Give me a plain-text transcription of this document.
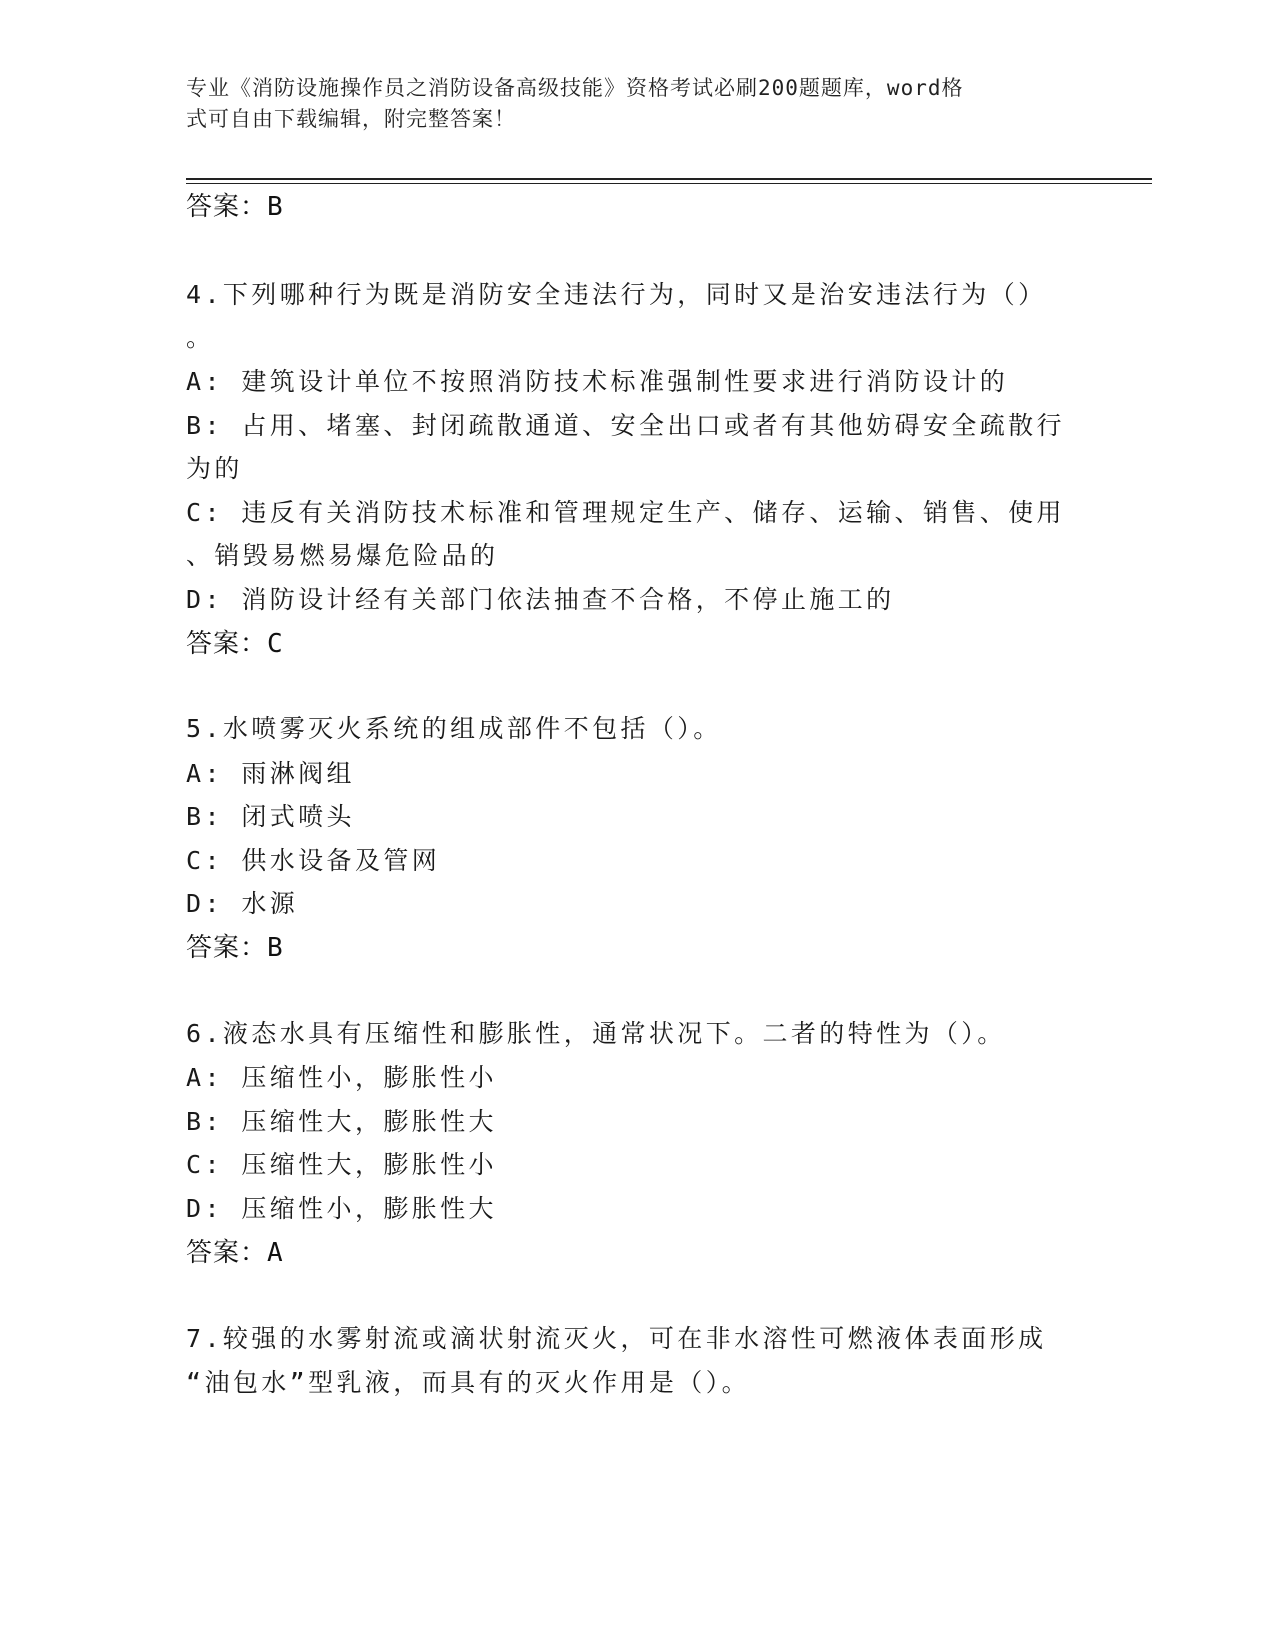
专业《消防设施操作员之消防设备高级技能》资格考试必刷200题题库，word格
式可自由下载编辑，附完整答案！
答案：B
4.下列哪种行为既是消防安全违法行为，同时又是治安违法行为（）
。
A: 建筑设计单位不按照消防技术标准强制性要求进行消防设计的
B: 占用、堵塞、封闭疏散通道、安全出口或者有其他妨碍安全疏散行
为的
C: 违反有关消防技术标准和管理规定生产、储存、运输、销售、使用
、销毁易燃易爆危险品的
D: 消防设计经有关部门依法抽查不合格，不停止施工的
答案：C
5.水喷雾灭火系统的组成部件不包括（）。
A: 雨淋阀组
B: 闭式喷头
C: 供水设备及管网
D: 水源
答案：B
6.液态水具有压缩性和膨胀性，通常状况下。二者的特性为（）。
A: 压缩性小，膨胀性小
B: 压缩性大，膨胀性大
C: 压缩性大，膨胀性小
D: 压缩性小，膨胀性大
答案：A
7.较强的水雾射流或滴状射流灭火，可在非水溶性可燃液体表面形成
“油包水”型乳液，而具有的灭火作用是（）。
